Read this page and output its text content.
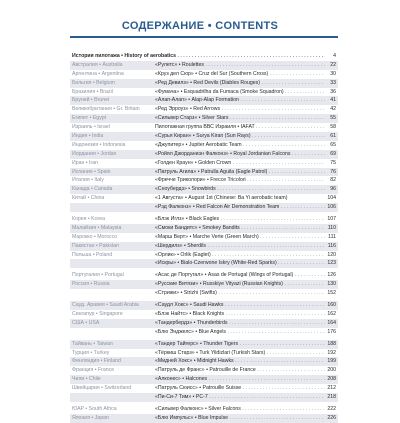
СОДЕРЖАНИЕ • CONTENTS
История пилотажа • History of aerobatics . . .	4
Австралия • Australia	«Рулетс» • Roulettes . . .	22
Аргентина • Argentina	«Круз дел Сюр» • Cruz del Sur (Southern Cross) . . .	30
Бельгия • Belgium	«Ред Девилз» • Red Devils (Diables Rouges) . . .	33
Бразилия • Brazil	«Фумача» • Esquadrilha da Fumaca (Smoke Squadron) . . .	36
Бруней • Brunei	«Алап-Алап» • Alap-Alap Formation . . .	41
Великобритания • Gr. Britain	«Ред Эрроуз» • Red Arrows . . .	42
Египет • Egypt	«Сильвер Старз» • Silver Stars . . .	55
Израиль • Israel	Пилотажная группа ВВС Израиля • IAFAT . . .	58
Индия • India	«Сурья Киран» • Surya Kiran (Sun Rays) . . .	61
Индонезия • Indonesia	«Джупитер» • Jupiter Aerobatic Team . . .	65
Иордания • Jordan	«Ройял Джорданиэн Фалконз» • Royal Jordanian Falcons . . .	69
Иран • Iran	«Голден Краун» • Golden Crown . . .	75
Испания • Spain	«Патруль Агила» • Patrulla Aguila (Eagle Patrol) . . .	76
Италия • Italy	«Фречче Триколори» • Frecce Tricolori . . .	82
Канада • Canada	«Сноубердз» • Snowbirds . . .	96
Китай • China	«1 Августа» • August 1st (Chinese: Ba Yi aerobatic team)	104
«Рэд Фалконз» • Red Falcon Air Demonstration Team . . .	106
Корея • Korea	«Блэк Иглз» • Black Eagles . . .	107
Малайзия • Malaysia	«Смоки Бандитс» • Smokey Bandits . . .	110
Марокко • Morocco	«Марш Верт» • Marche Verte (Green March) . . .	111
Пакистан • Pakistan	«Шердилз» • Sherdils . . .	116
Польша • Poland	«Орлик» • Orlik (Eaglet) . . .	120
«Искры» • Bialo-Czerwone Iskry (White-Red Sparks) . . .	123
Португалия • Portugal	«Асас де Португал» • Asas de Portugal (Wings of Portugal) . . .	126
Россия • Russia	«Русские Витязи» • Russkiye Vityazi (Russian Knights) . . .	130
«Стрижи» • Strizhi (Swifts) . . .	152
Сауд. Аравия • Saudi Arabia	«Саудл Хокс» • Saudi Hawks . . .	160
Сингапур • Singapore	«Блэк Найтс» • Black Knights . . .	162
США • USA	«Тандербердз» • Thunderbirds . . .	164
«Блю Энджелс» • Blue Angels . . .	176
Тайвань • Taiwan	«Тандер Тайгерс» • Thunder Tigers . . .	188
Турция • Turkey	«Тёркиш Старз» • Turk Yildizlari (Turkish Stars) . . .	192
Финляндия • Finland	«Мидней Хокс» • Midnight Hawks . . .	199
Франция • France	«Патруль де Франс» • Patrouille de France . . .	200
Чили • Chile	«Алконес» • Halcones . . .	208
Швейцария • Switzerland	«Патруль Сюисс» • Patrouille Suisse . . .	212
«Пи-Си-7 Тим» • PC-7 . . .	218
ЮАР • South Africa	«Сильвер Фалконс» • Silver Falcons . . .	222
Япония • Japan	«Блю Импульс» • Blue Impulse . . .	226
